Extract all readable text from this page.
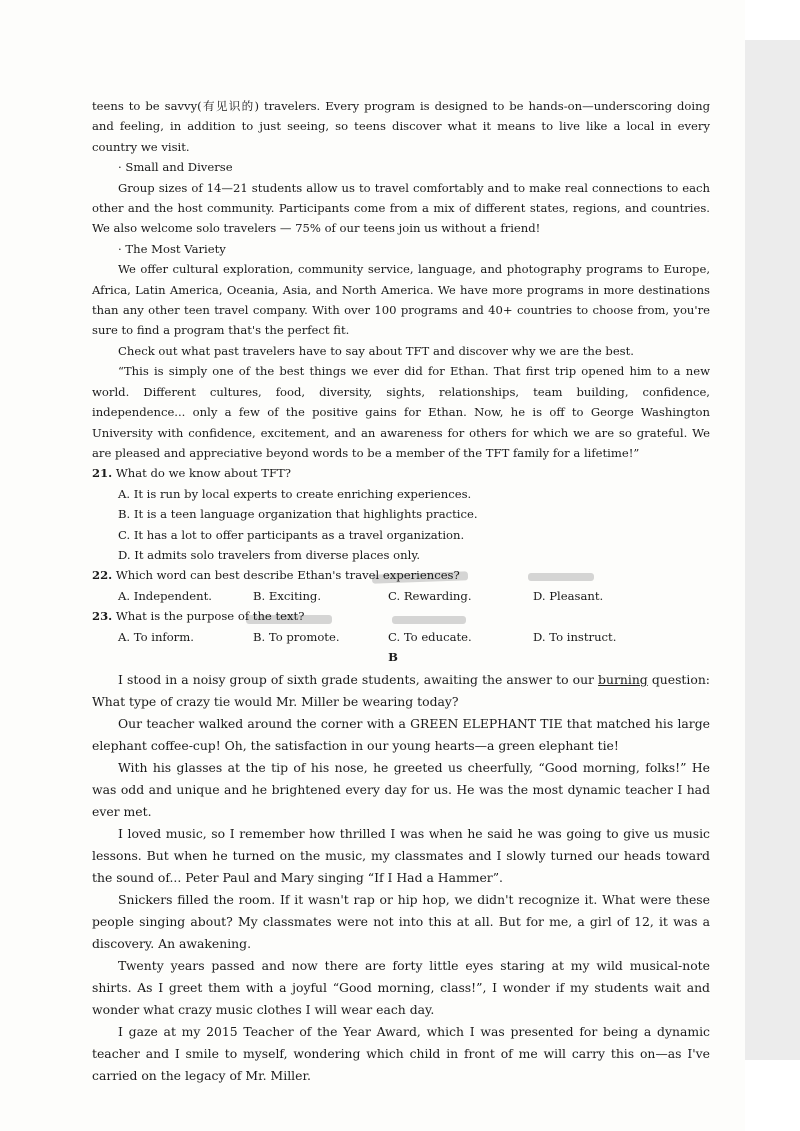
teens to be savvy(有见识的) travelers. Every program is designed to be hands-on—underscoring doing and feeling, in addition to just seeing, so teens discover what it means to live like a local in every country we visit.

· Small and Diverse

Group sizes of 14—21 students allow us to travel comfortably and to make real connections to each other and the host community. Participants come from a mix of different states, regions, and countries. We also welcome solo travelers — 75% of our teens join us without a friend!

· The Most Variety

We offer cultural exploration, community service, language, and photography programs to Europe, Africa, Latin America, Oceania, Asia, and North America. We have more programs in more destinations than any other teen travel company. With over 100 programs and 40+ countries to choose from, you're sure to find a program that's the perfect fit.

Check out what past travelers have to say about TFT and discover why we are the best.

“This is simply one of the best things we ever did for Ethan. That first trip opened him to a new world. Different cultures, food, diversity, sights, relationships, team building, confidence, independence... only a few of the positive gains for Ethan. Now, he is off to George Washington University with confidence, excitement, and an awareness for others for which we are so grateful. We are pleased and appreciative beyond words to be a member of the TFT family for a lifetime!”

21. What do we know about TFT?

A. It is run by local experts to create enriching experiences.

B. It is a teen language organization that highlights practice.

C. It has a lot to offer participants as a travel organization.

D. It admits solo travelers from diverse places only.

22. Which word can best describe Ethan's travel experiences?

A. Independent.	B. Exciting.	C. Rewarding.	D. Pleasant.

23. What is the purpose of the text?

A. To inform.	B. To promote.	C. To educate.	D. To instruct.

B

I stood in a noisy group of sixth grade students, awaiting the answer to our burning question: What type of crazy tie would Mr. Miller be wearing today?

Our teacher walked around the corner with a GREEN ELEPHANT TIE that matched his large elephant coffee-cup! Oh, the satisfaction in our young hearts—a green elephant tie!

With his glasses at the tip of his nose, he greeted us cheerfully, “Good morning, folks!” He was odd and unique and he brightened every day for us. He was the most dynamic teacher I had ever met.

I loved music, so I remember how thrilled I was when he said he was going to give us music lessons. But when he turned on the music, my classmates and I slowly turned our heads toward the sound of... Peter Paul and Mary singing “If I Had a Hammer”.

Snickers filled the room. If it wasn't rap or hip hop, we didn't recognize it. What were these people singing about? My classmates were not into this at all. But for me, a girl of 12, it was a discovery. An awakening.

Twenty years passed and now there are forty little eyes staring at my wild musical-note shirts. As I greet them with a joyful “Good morning, class!”, I wonder if my students wait and wonder what crazy music clothes I will wear each day.

I gaze at my 2015 Teacher of the Year Award, which I was presented for being a dynamic teacher and I smile to myself, wondering which child in front of me will carry this on—as I've carried on the legacy of Mr. Miller.
